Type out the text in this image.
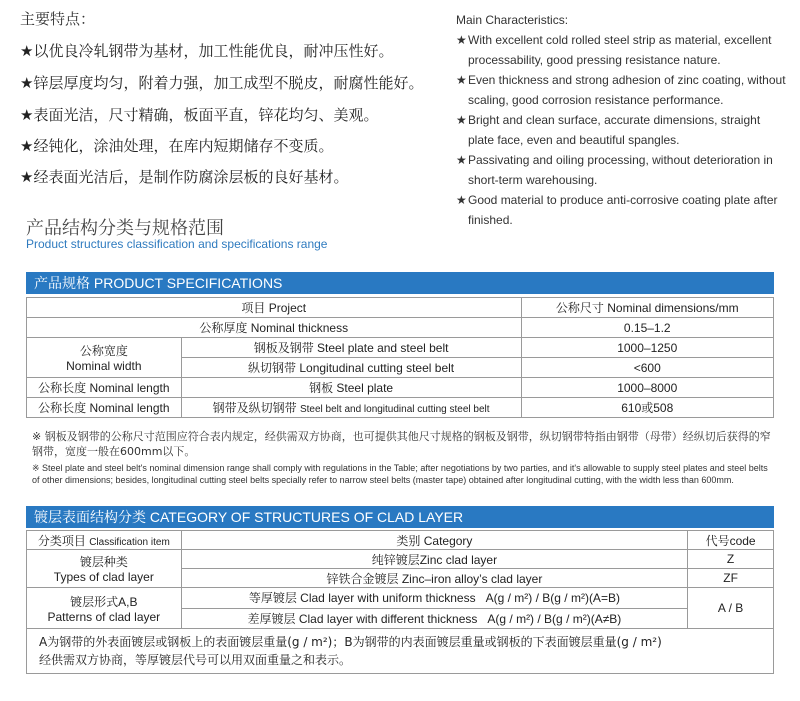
主要特点：
★以优良冷轧钢带为基材，加工性能优良，耐冲压性好。
★锌层厚度均匀，附着力强，加工成型不脱皮，耐腐性能好。
★表面光洁，尺寸精确，板面平直，锌花均匀、美观。
★经钝化，涂油处理，在库内短期储存不变质。
★经表面光洁后，是制作防腐涂层板的良好基材。
Main Characteristics:
★ With excellent cold rolled steel strip as material, excellent processability, good pressing resistance nature.
★ Even thickness and strong adhesion of zinc coating, without scaling, good corrosion resistance performance.
★ Bright and clean surface, accurate dimensions, straight plate face, even and beautiful spangles.
★ Passivating and oiling processing, without deterioration in short-term warehousing.
★ Good material to produce anti-corrosive coating plate after finished.
产品结构分类与规格范围
Product structures classification and specifications range
产品规格 PRODUCT SPECIFICATIONS
项目 Project		公称尺寸 Nominal dimensions/mm
公称厚度 Nominal thickness		0.15–1.2

公称宽度
Nominal width	钢板及钢带 Steel plate and steel belt	1000–1250
	纵切钢带 Longitudinal cutting steel belt	<600
公称长度 Nominal length	钢板 Steel plate	1000–8000
公称长度 Nominal length	钢带及纵切钢带 Steel belt and longitudinal cutting steel belt	610或508
※ 钢板及钢带的公称尺寸范围应符合表内规定，经供需双方协商，也可提供其他尺寸规格的钢板及钢带，纵切钢带特指由钢带（母带）经纵切后获得的窄钢带，宽度一般在600mm以下。
※ Steel plate and steel belt's nominal dimension range shall comply with regulations in the Table; after negotiations by two parties, and it's allowable to supply steel plates and steel belts of other dimensions; besides, longitudinal cutting steel belts specially refer to narrow steel belts (master tape) obtained after longitudinal cutting, with the width less than 600mm.
镀层表面结构分类 CATEGORY OF STRUCTURES OF CLAD LAYER
分类项目 Classification item	类别 Category	代号code

镀层种类
Types of clad layer	纯锌镀层Zinc clad layer	Z
	锌铁合金镀层 Zinc–iron alloy’s clad layer	ZF

镀层形式A,B
Patterns of clad layer	等厚镀层 Clad layer with uniform thickness A(g / m²) / B(g / m²)(A=B)	A / B
	差厚镀层 Clad layer with different thickness A(g / m²) / B(g / m²)(A≠B)	

A为钢带的外表面镀层或钢板上的表面镀层重量(g / m²)；B为钢带的内表面镀层重量或钢板的下表面镀层重量(g / m²)
经供需双方协商，等厚镀层代号可以用双面重量之和表示。		
